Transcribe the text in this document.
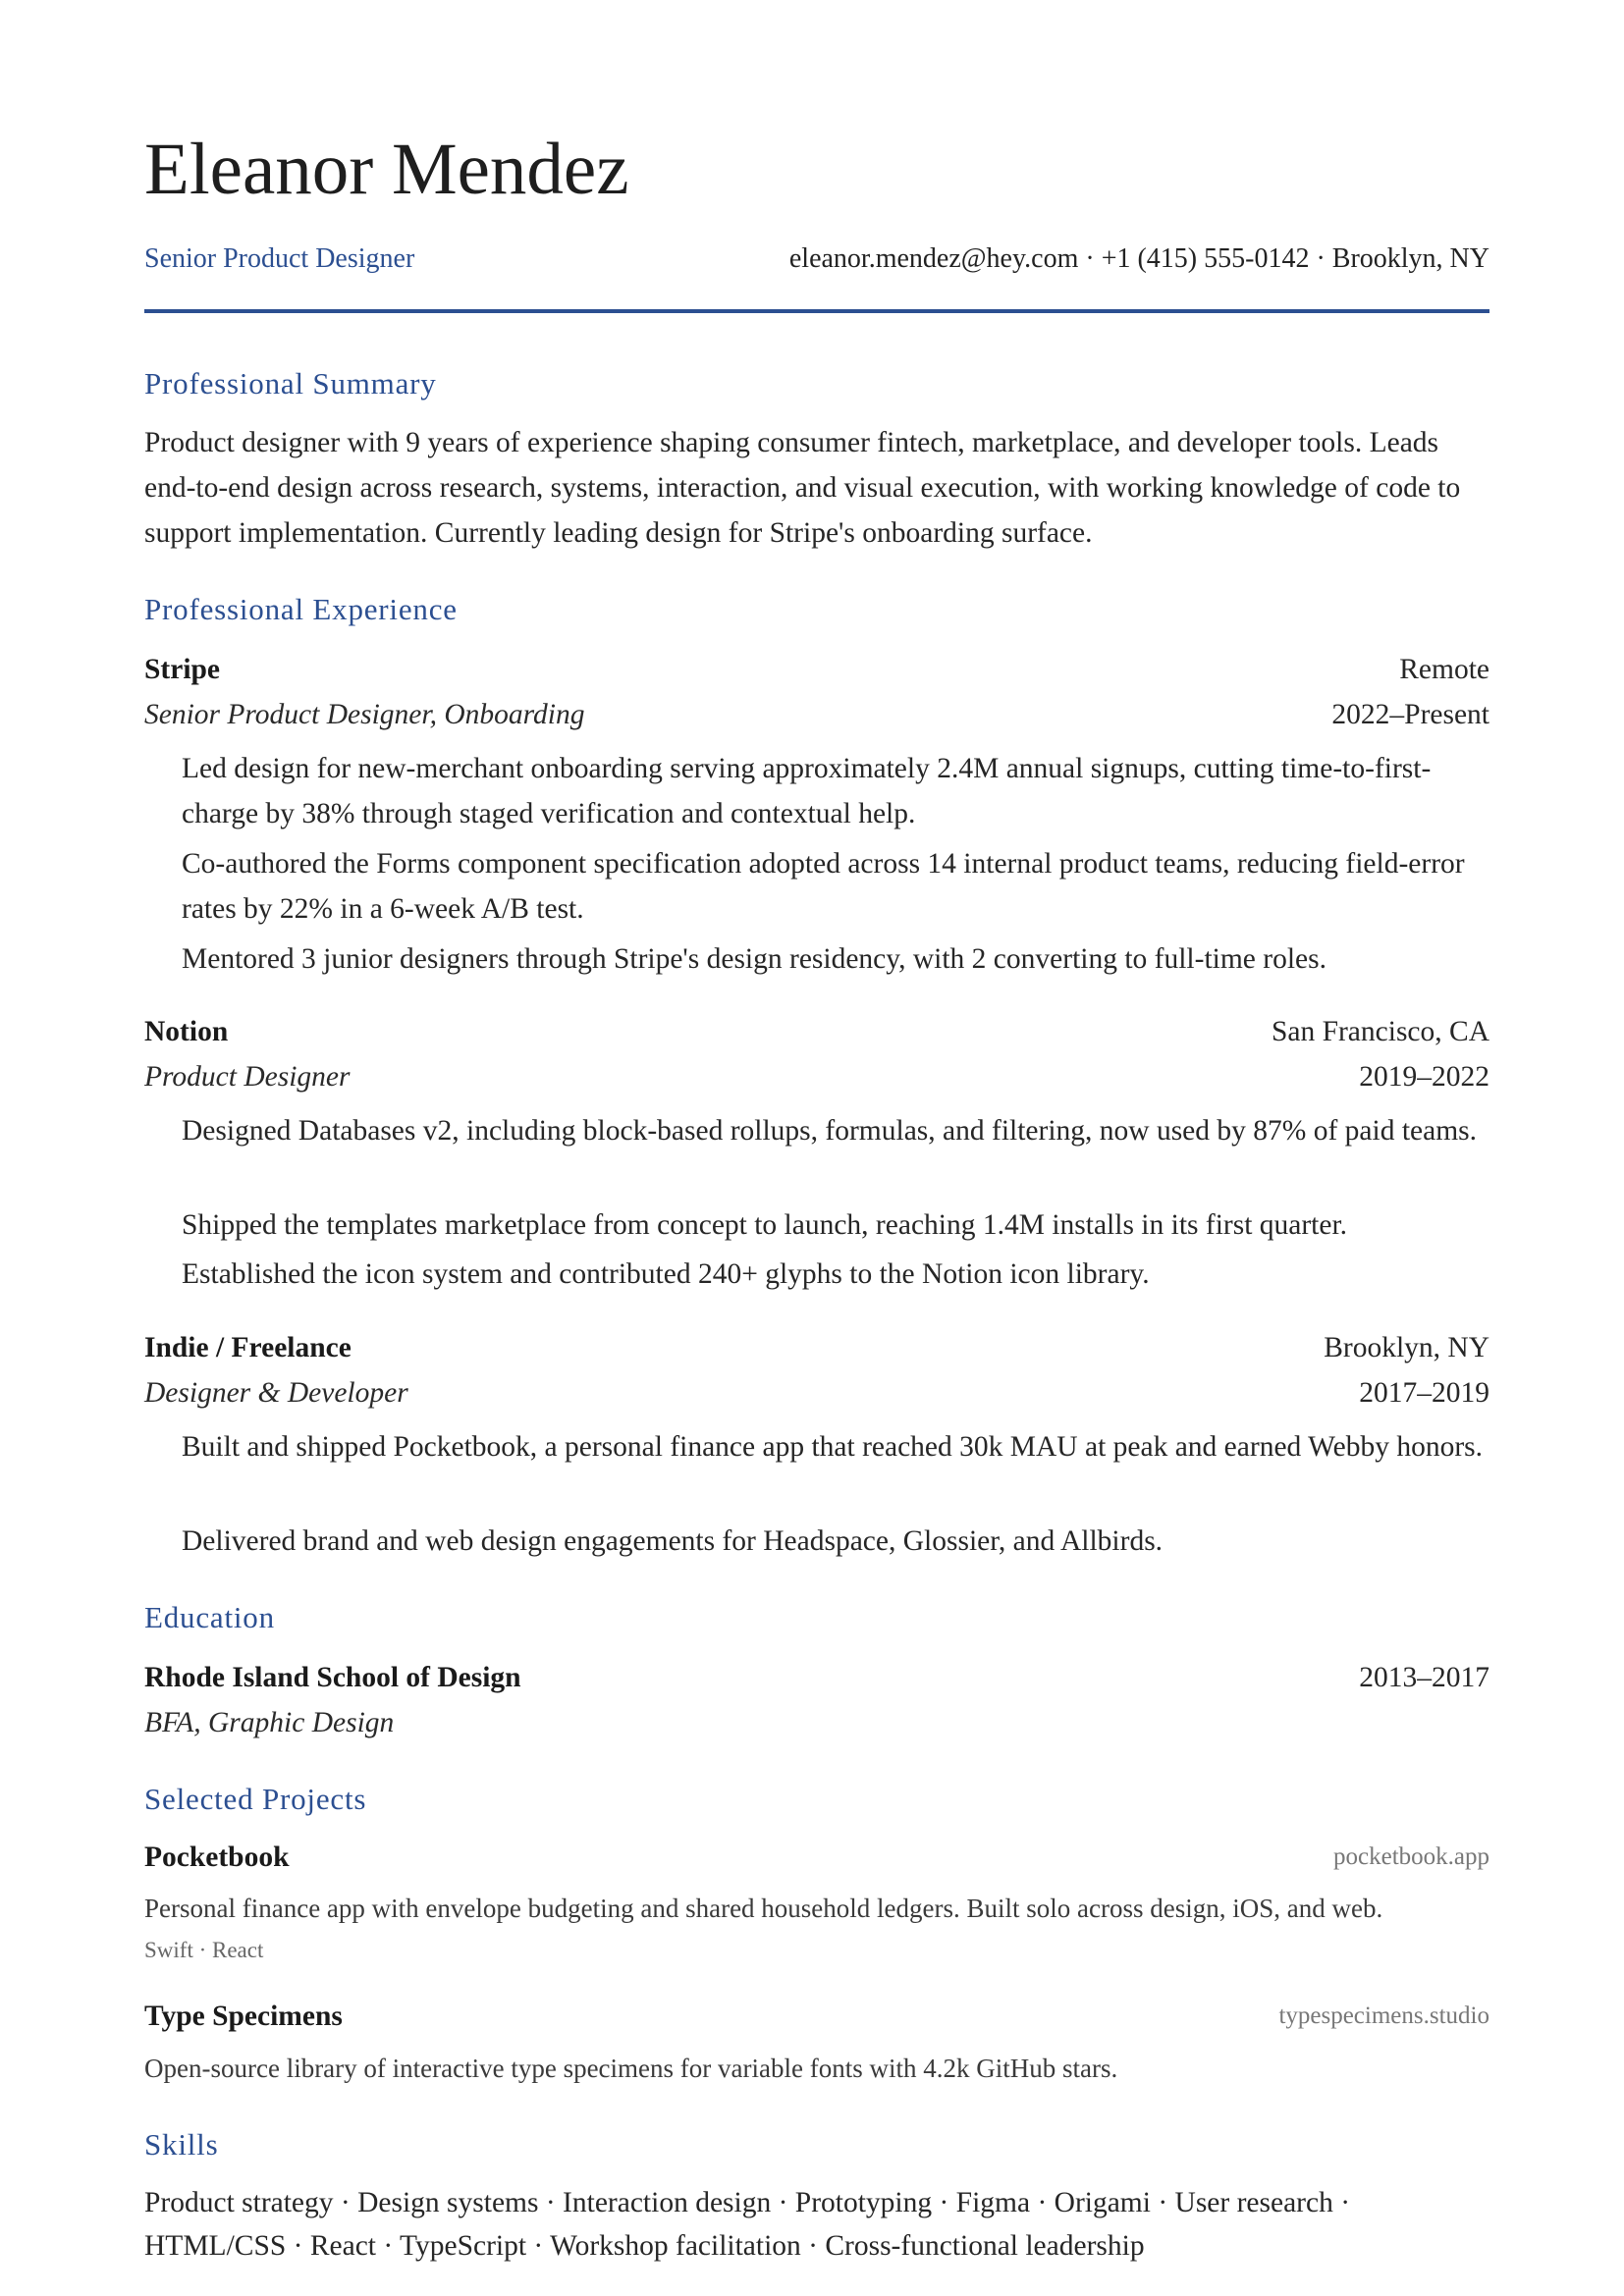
Eleanor Mendez
Senior Product Designer	eleanor.mendez@hey.com · +1 (415) 555-0142 · Brooklyn, NY
Professional Summary
Product designer with 9 years of experience shaping consumer fintech, marketplace, and developer tools. Leads end-to-end design across research, systems, interaction, and visual execution, with working knowledge of code to support implementation. Currently leading design for Stripe's onboarding surface.
Professional Experience
Stripe	Remote
Senior Product Designer, Onboarding	2022–Present
Led design for new-merchant onboarding serving approximately 2.4M annual signups, cutting time-to-first-charge by 38% through staged verification and contextual help.
Co-authored the Forms component specification adopted across 14 internal product teams, reducing field-error rates by 22% in a 6-week A/B test.
Mentored 3 junior designers through Stripe's design residency, with 2 converting to full-time roles.
Notion	San Francisco, CA
Product Designer	2019–2022
Designed Databases v2, including block-based rollups, formulas, and filtering, now used by 87% of paid teams.
Shipped the templates marketplace from concept to launch, reaching 1.4M installs in its first quarter.
Established the icon system and contributed 240+ glyphs to the Notion icon library.
Indie / Freelance	Brooklyn, NY
Designer & Developer	2017–2019
Built and shipped Pocketbook, a personal finance app that reached 30k MAU at peak and earned Webby honors.
Delivered brand and web design engagements for Headspace, Glossier, and Allbirds.
Education
Rhode Island School of Design	2013–2017
BFA, Graphic Design
Selected Projects
Pocketbook	pocketbook.app
Personal finance app with envelope budgeting and shared household ledgers. Built solo across design, iOS, and web.
Swift · React
Type Specimens	typespecimens.studio
Open-source library of interactive type specimens for variable fonts with 4.2k GitHub stars.
Skills
Product strategy · Design systems · Interaction design · Prototyping · Figma · Origami · User research · HTML/CSS · React · TypeScript · Workshop facilitation · Cross-functional leadership
